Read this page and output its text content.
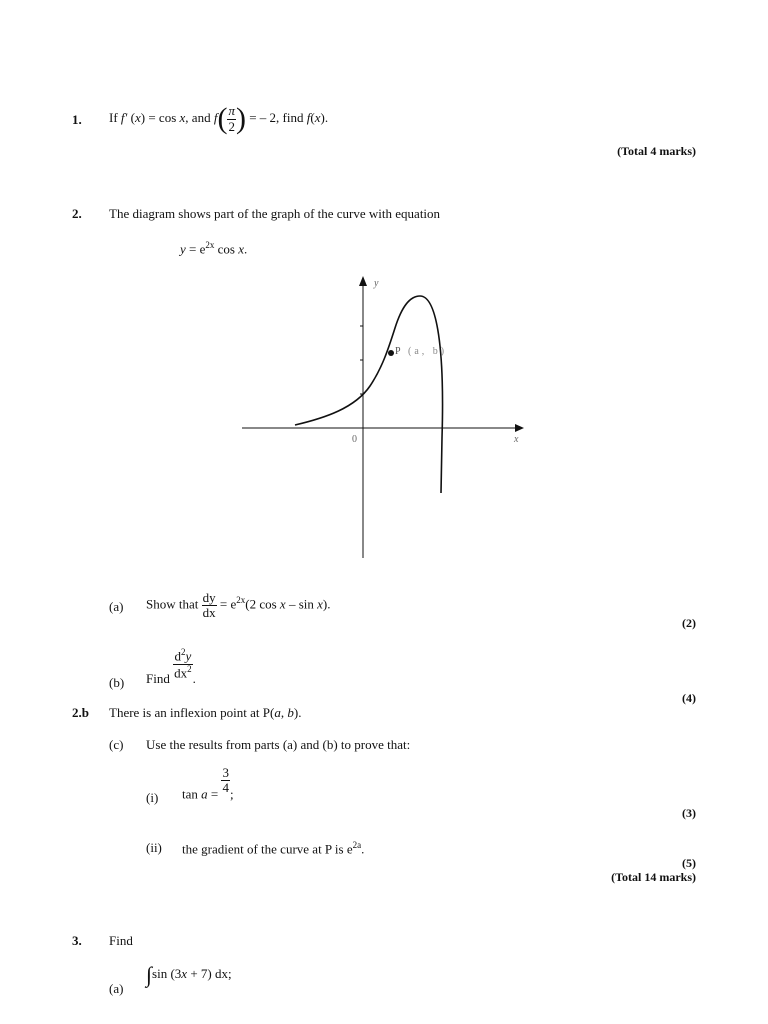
1. If f′ (x) = cos x, and $f( \frac{\pi}{2}$ ) = – 2, find f(x).
(Total 4 marks)
2. The diagram shows part of the graph of the curve with equation
$y = e^{2x}$ cos x.
P (a, b)
y
x
0
(a) Show that $\frac{dy}{dx} = e^{2x}(2$ cos x – sin x).
(2)
(b) Find $\frac{d^2y}{dx^2}$ .
(4)
2.b There is an inflexion point at P(a, b).
(c) Use the results from parts (a) and (b) to prove that:
(i) $\tan a = \frac{3}{4}$ ;
(3)
(ii) the gradient of the curve at P is $e^{2a}$.
(5)
(Total 14 marks)
3. Find
(a)
∫sin (3x + 7) dx;
